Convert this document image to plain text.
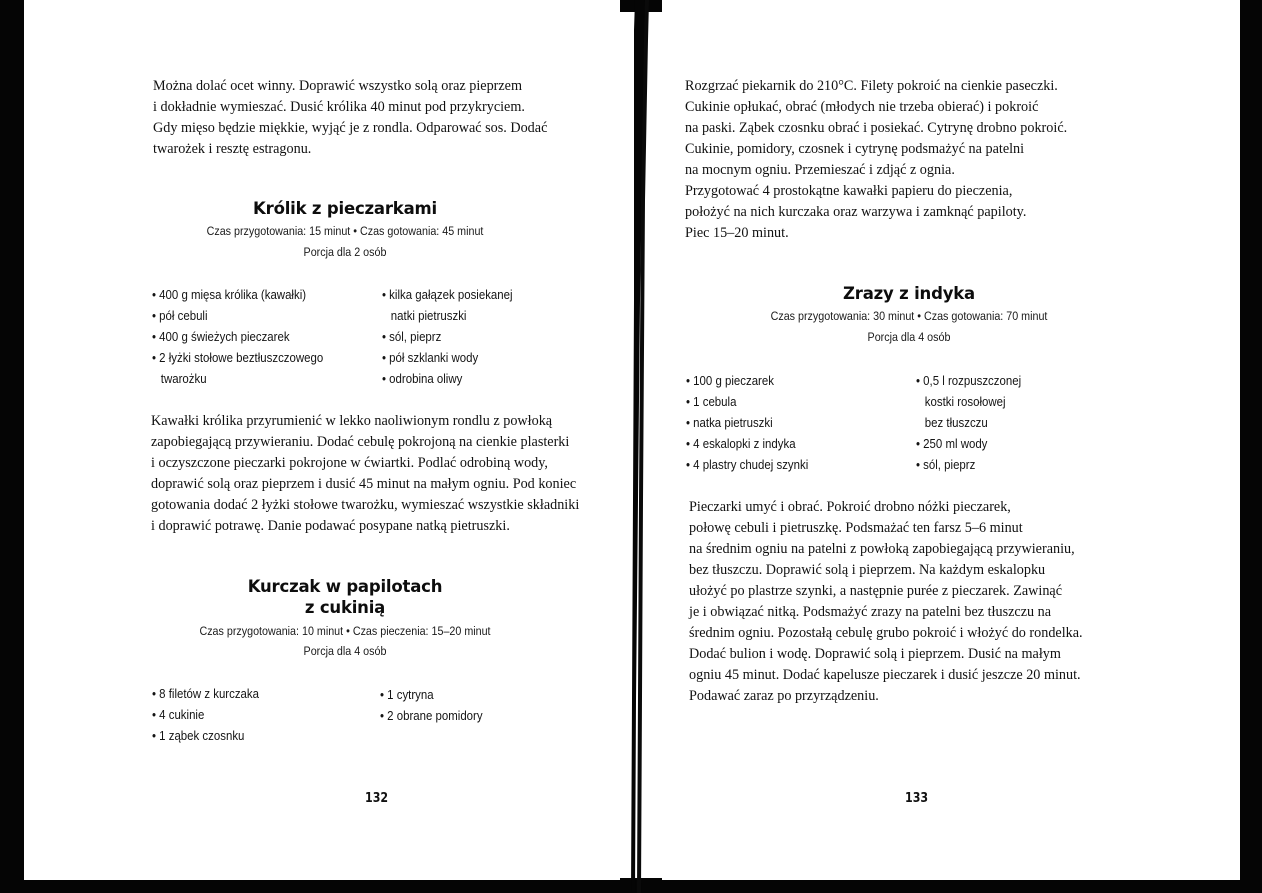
Można dolać ocet winny. Doprawić wszystko solą oraz pieprzem
i dokładnie wymieszać. Dusić królika 40 minut pod przykryciem.
Gdy mięso będzie miękkie, wyjąć je z rondla. Odparować sos. Dodać
twarożek i resztę estragonu.
Królik z pieczarkami
Czas przygotowania: 15 minut • Czas gotowania: 45 minut
Porcja dla 2 osób
• 400 g mięsa królika (kawałki)
• pół cebuli
• 400 g świeżych pieczarek
• 2 łyżki stołowe beztłuszczowego
twarożku
• kilka gałązek posiekanej
natki pietruszki
• sól, pieprz
• pół szklanki wody
• odrobina oliwy
Kawałki królika przyrumienić w lekko naoliwionym rondlu z powłoką
zapobiegającą przywieraniu. Dodać cebulę pokrojoną na cienkie plasterki
i oczyszczone pieczarki pokrojone w ćwiartki. Podlać odrobiną wody,
doprawić solą oraz pieprzem i dusić 45 minut na małym ogniu. Pod koniec
gotowania dodać 2 łyżki stołowe twarożku, wymieszać wszystkie składniki
i doprawić potrawę. Danie podawać posypane natką pietruszki.
Kurczak w papilotach
z cukinią
Czas przygotowania: 10 minut • Czas pieczenia: 15–20 minut
Porcja dla 4 osób
• 8 filetów z kurczaka
• 4 cukinie
• 1 ząbek czosnku
• 1 cytryna
• 2 obrane pomidory
132
Rozgrzać piekarnik do 210°C. Filety pokroić na cienkie paseczki.
Cukinie opłukać, obrać (młodych nie trzeba obierać) i pokroić
na paski. Ząbek czosnku obrać i posiekać. Cytrynę drobno pokroić.
Cukinie, pomidory, czosnek i cytrynę podsmażyć na patelni
na mocnym ogniu. Przemieszać i zdjąć z ognia.
Przygotować 4 prostokątne kawałki papieru do pieczenia,
położyć na nich kurczaka oraz warzywa i zamknąć papiloty.
Piec 15–20 minut.
Zrazy z indyka
Czas przygotowania: 30 minut • Czas gotowania: 70 minut
Porcja dla 4 osób
• 100 g pieczarek
• 1 cebula
• natka pietruszki
• 4 eskalopki z indyka
• 4 plastry chudej szynki
• 0,5 l rozpuszczonej
kostki rosołowej
bez tłuszczu
• 250 ml wody
• sól, pieprz
Pieczarki umyć i obrać. Pokroić drobno nóżki pieczarek,
połowę cebuli i pietruszkę. Podsmażać ten farsz 5–6 minut
na średnim ogniu na patelni z powłoką zapobiegającą przywieraniu,
bez tłuszczu. Doprawić solą i pieprzem. Na każdym eskalopku
ułożyć po plastrze szynki, a następnie purée z pieczarek. Zawinąć
je i obwiązać nitką. Podsmażyć zrazy na patelni bez tłuszczu na
średnim ogniu. Pozostałą cebulę grubo pokroić i włożyć do rondelka.
Dodać bulion i wodę. Doprawić solą i pieprzem. Dusić na małym
ogniu 45 minut. Dodać kapelusze pieczarek i dusić jeszcze 20 minut.
Podawać zaraz po przyrządzeniu.
133
